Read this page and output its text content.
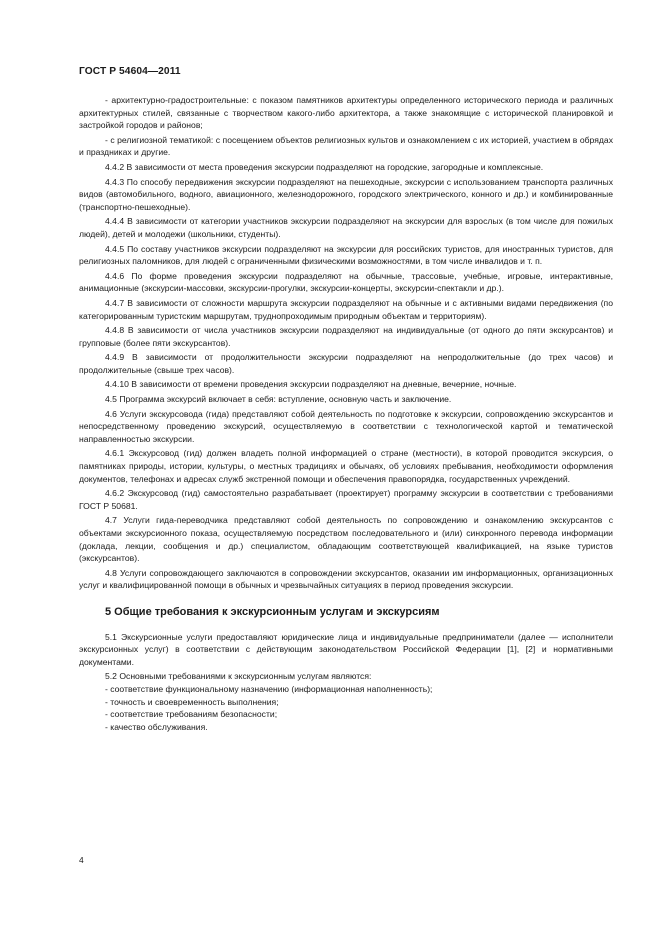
ГОСТ Р 54604—2011

- архитектурно-градостроительные: с показом памятников архитектуры определенного исторического периода и различных архитектурных стилей, связанные с творчеством какого-либо архитектора, а также знакомящие с исторической планировкой и застройкой городов и районов;

- с религиозной тематикой: с посещением объектов религиозных культов и ознакомлением с их историей, участием в обрядах и праздниках и другие.

4.4.2 В зависимости от места проведения экскурсии подразделяют на городские, загородные и комплексные.

4.4.3 По способу передвижения экскурсии подразделяют на пешеходные, экскурсии с использованием транспорта различных видов (автомобильного, водного, авиационного, железнодорожного, городского электрического, конного и др.) и комбинированные (транспортно-пешеходные).

4.4.4 В зависимости от категории участников экскурсии подразделяют на экскурсии для взрослых (в том числе для пожилых людей), детей и молодежи (школьники, студенты).

4.4.5 По составу участников экскурсии подразделяют на экскурсии для российских туристов, для иностранных туристов, для религиозных паломников, для людей с ограниченными физическими возможностями, в том числе инвалидов и т. п.

4.4.6 По форме проведения экскурсии подразделяют на обычные, трассовые, учебные, игровые, интерактивные, анимационные (экскурсии-массовки, экскурсии-прогулки, экскурсии-концерты, экскурсии-спектакли и др.).

4.4.7 В зависимости от сложности маршрута экскурсии подразделяют на обычные и с активными видами передвижения (по категорированным туристским маршрутам, труднопроходимым природным объектам и территориям).

4.4.8 В зависимости от числа участников экскурсии подразделяют на индивидуальные (от одного до пяти экскурсантов) и групповые (более пяти экскурсантов).

4.4.9 В зависимости от продолжительности экскурсии подразделяют на непродолжительные (до трех часов) и продолжительные (свыше трех часов).

4.4.10 В зависимости от времени проведения экскурсии подразделяют на дневные, вечерние, ночные.

4.5 Программа экскурсий включает в себя: вступление, основную часть и заключение.

4.6 Услуги экскурсовода (гида) представляют собой деятельность по подготовке к экскурсии, сопровождению экскурсантов и непосредственному проведению экскурсий, осуществляемую в соответствии с технологической картой и тематической направленностью экскурсии.

4.6.1 Экскурсовод (гид) должен владеть полной информацией о стране (местности), в которой проводится экскурсия, о памятниках природы, истории, культуры, о местных традициях и обычаях, об условиях пребывания, необходимости оформления документов, телефонах и адресах служб экстренной помощи и обеспечения правопорядка, государственных учреждений.

4.6.2 Экскурсовод (гид) самостоятельно разрабатывает (проектирует) программу экскурсии в соответствии с требованиями ГОСТ Р 50681.

4.7 Услуги гида-переводчика представляют собой деятельность по сопровождению и ознакомлению экскурсантов с объектами экскурсионного показа, осуществляемую посредством последовательного и (или) синхронного перевода информации (доклада, лекции, сообщения и др.) специалистом, обладающим соответствующей квалификацией, на языке туристов (экскурсантов).

4.8 Услуги сопровождающего заключаются в сопровождении экскурсантов, оказании им информационных, организационных услуг и квалифицированной помощи в обычных и чрезвычайных ситуациях в период проведения экскурсии.

5 Общие требования к экскурсионным услугам и экскурсиям

5.1 Экскурсионные услуги предоставляют юридические лица и индивидуальные предприниматели (далее — исполнители экскурсионных услуг) в соответствии с действующим законодательством Российской Федерации [1], [2] и нормативными документами.

5.2 Основными требованиями к экскурсионным услугам являются:

- соответствие функциональному назначению (информационная наполненность);

- точность и своевременность выполнения;

- соответствие требованиям безопасности;

- качество обслуживания.

4
